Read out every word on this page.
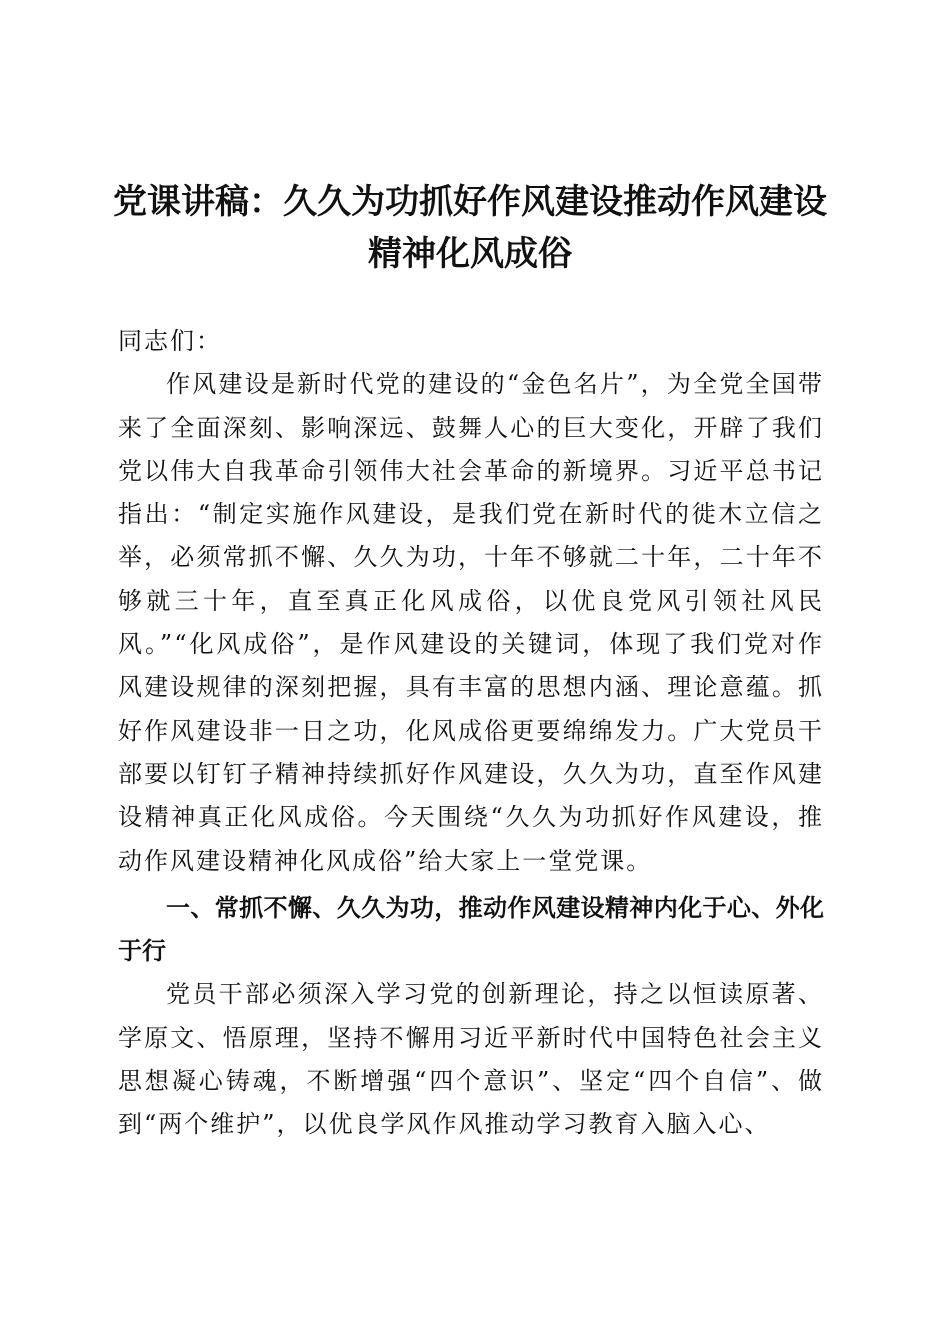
党课讲稿：久久为功抓好作风建设推动作风建设精神化风成俗

同志们：

作风建设是新时代党的建设的“金色名片”，为全党全国带来了全面深刻、影响深远、鼓舞人心的巨大变化，开辟了我们党以伟大自我革命引领伟大社会革命的新境界。习近平总书记指出：“制定实施作风建设，是我们党在新时代的徙木立信之举，必须常抓不懈、久久为功，十年不够就二十年，二十年不够就三十年，直至真正化风成俗，以优良党风引领社风民风。”“化风成俗”，是作风建设的关键词，体现了我们党对作风建设规律的深刻把握，具有丰富的思想内涵、理论意蕴。抓好作风建设非一日之功，化风成俗更要绵绵发力。广大党员干部要以钉钉子精神持续抓好作风建设，久久为功，直至作风建设精神真正化风成俗。今天围绕“久久为功抓好作风建设，推动作风建设精神化风成俗”给大家上一堂党课。

一、常抓不懈、久久为功，推动作风建设精神内化于心、外化于行

党员干部必须深入学习党的创新理论，持之以恒读原著、学原文、悟原理，坚持不懈用习近平新时代中国特色社会主义思想凝心铸魂，不断增强“四个意识”、坚定“四个自信”、做到“两个维护”，以优良学风作风推动学习教育入脑入心、
